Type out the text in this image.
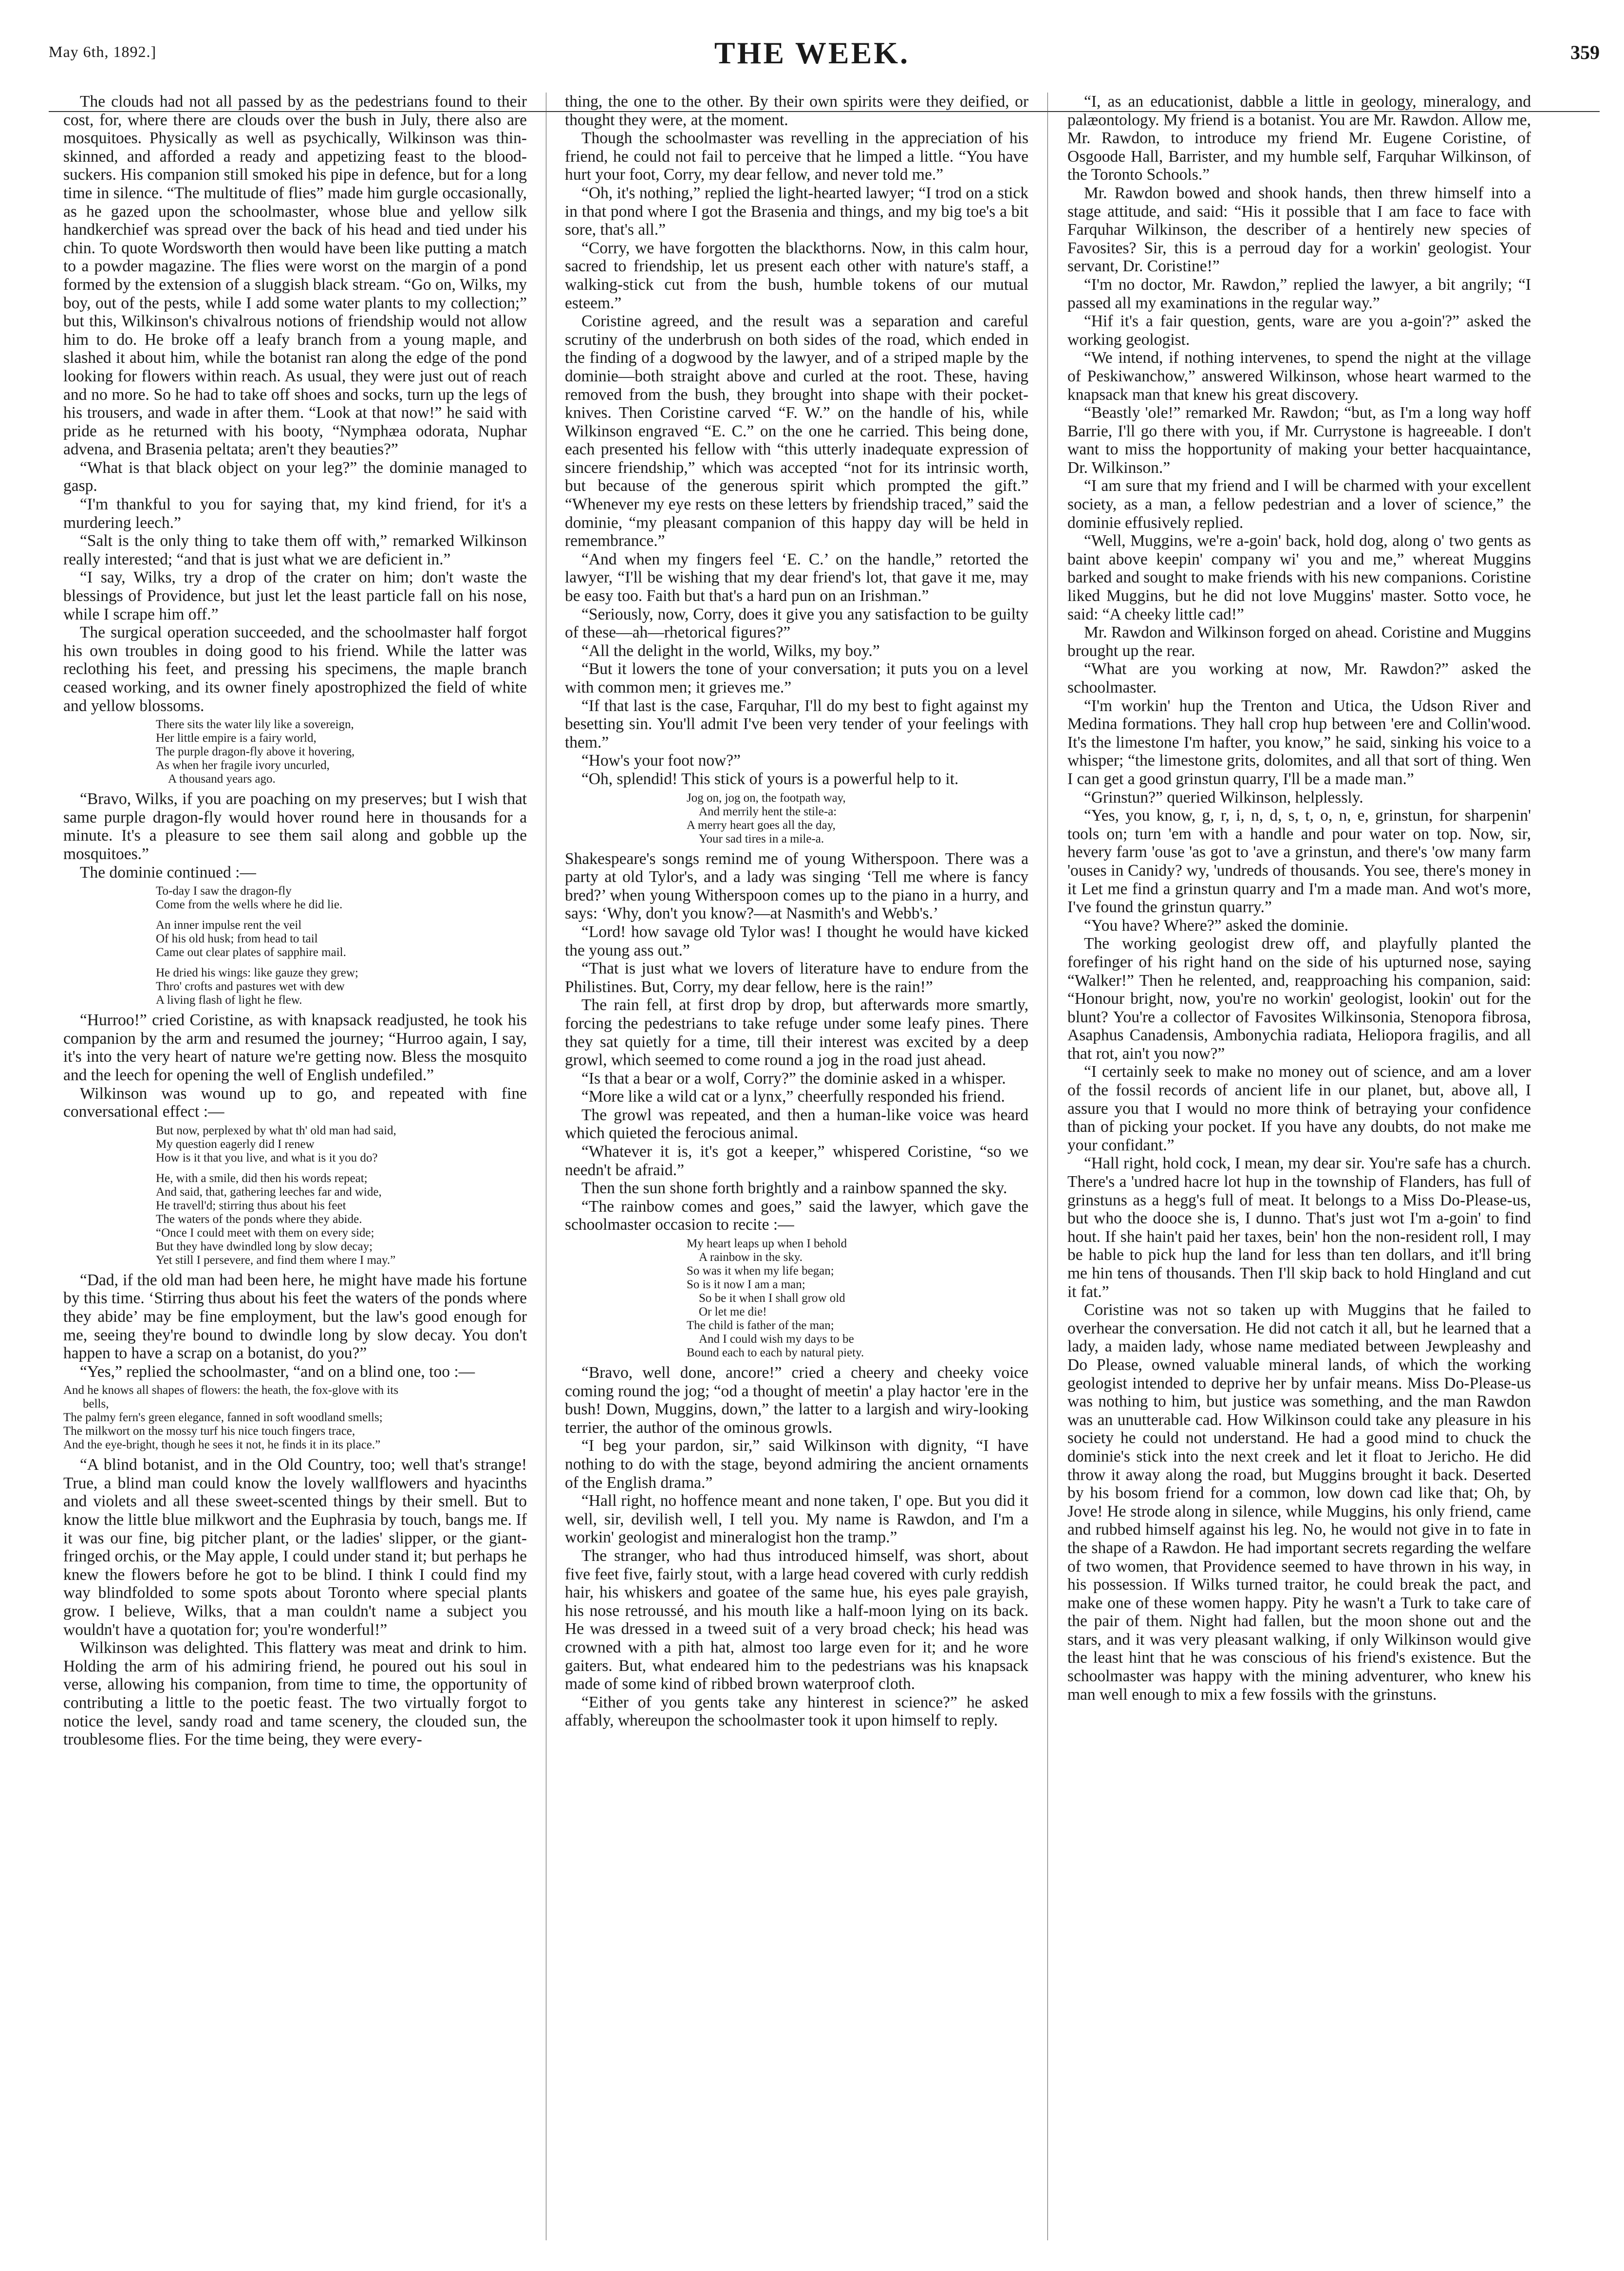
May 6th, 1892.]	THE WEEK.	359

The clouds had not all passed by as the pedestrians found to their cost, for, where there are clouds over the bush in July, there also are mosquitoes. Physically as well as psychically, Wilkinson was thin-skinned, and afforded a ready and appetizing feast to the blood-suckers. His companion still smoked his pipe in defence, but for a long time in silence. “The multitude of flies” made him gurgle occasionally, as he gazed upon the schoolmaster, whose blue and yellow silk handkerchief was spread over the back of his head and tied under his chin. To quote Wordsworth then would have been like putting a match to a powder magazine. The flies were worst on the margin of a pond formed by the extension of a sluggish black stream. “Go on, Wilks, my boy, out of the pests, while I add some water plants to my collection;” but this, Wilkinson's chivalrous notions of friendship would not allow him to do. He broke off a leafy branch from a young maple, and slashed it about him, while the botanist ran along the edge of the pond looking for flowers within reach. As usual, they were just out of reach and no more. So he had to take off shoes and socks, turn up the legs of his trousers, and wade in after them. “Look at that now!” he said with pride as he returned with his booty, “Nymphæa odorata, Nuphar advena, and Brasenia peltata; aren't they beauties?”

“What is that black object on your leg?” the dominie managed to gasp.

“I'm thankful to you for saying that, my kind friend, for it's a murdering leech.”

“Salt is the only thing to take them off with,” remarked Wilkinson really interested; “and that is just what we are deficient in.”

“I say, Wilks, try a drop of the crater on him; don't waste the blessings of Providence, but just let the least particle fall on his nose, while I scrape him off.”

The surgical operation succeeded, and the schoolmaster half forgot his own troubles in doing good to his friend. While the latter was reclothing his feet, and pressing his specimens, the maple branch ceased working, and its owner finely apostrophized the field of white and yellow blossoms.

There sits the water lily like a sovereign,
Her little empire is a fairy world,
The purple dragon-fly above it hovering,
As when her fragile ivory uncurled,
A thousand years ago.

“Bravo, Wilks, if you are poaching on my preserves; but I wish that same purple dragon-fly would hover round here in thousands for a minute. It's a pleasure to see them sail along and gobble up the mosquitoes.”

The dominie continued :—

To-day I saw the dragon-fly
Come from the wells where he did lie.
An inner impulse rent the veil
Of his old husk; from head to tail
Came out clear plates of sapphire mail.
He dried his wings: like gauze they grew;
Thro' crofts and pastures wet with dew
A living flash of light he flew.

“Hurroo!” cried Coristine, as with knapsack readjusted, he took his companion by the arm and resumed the journey; “Hurroo again, I say, it's into the very heart of nature we're getting now. Bless the mosquito and the leech for opening the well of English undefiled.”

Wilkinson was wound up to go, and repeated with fine conversational effect :—

But now, perplexed by what th' old man had said,
My question eagerly did I renew
How is it that you live, and what is it you do?
He, with a smile, did then his words repeat;
And said, that, gathering leeches far and wide,
He travell'd; stirring thus about his feet
The waters of the ponds where they abide.
“Once I could meet with them on every side;
But they have dwindled long by slow decay;
Yet still I persevere, and find them where I may.”

“Dad, if the old man had been here, he might have made his fortune by this time. ‘Stirring thus about his feet the waters of the ponds where they abide’ may be fine employment, but the law's good enough for me, seeing they're bound to dwindle long by slow decay. You don't happen to have a scrap on a botanist, do you?”

“Yes,” replied the schoolmaster, “and on a blind one, too :—

And he knows all shapes of flowers: the heath, the fox-glove with its
bells,
The palmy fern's green elegance, fanned in soft woodland smells;
The milkwort on the mossy turf his nice touch fingers trace,
And the eye-bright, though he sees it not, he finds it in its place.”

“A blind botanist, and in the Old Country, too; well that's strange! True, a blind man could know the lovely wallflowers and hyacinths and violets and all these sweet-scented things by their smell. But to know the little blue milkwort and the Euphrasia by touch, bangs me. If it was our fine, big pitcher plant, or the ladies' slipper, or the giant-fringed orchis, or the May apple, I could under stand it; but perhaps he knew the flowers before he got to be blind. I think I could find my way blindfolded to some spots about Toronto where special plants grow. I believe, Wilks, that a man couldn't name a subject you wouldn't have a quotation for; you're wonderful!”

Wilkinson was delighted. This flattery was meat and drink to him. Holding the arm of his admiring friend, he poured out his soul in verse, allowing his companion, from time to time, the opportunity of contributing a little to the poetic feast. The two virtually forgot to notice the level, sandy road and tame scenery, the clouded sun, the troublesome flies. For the time being, they were every-

thing, the one to the other. By their own spirits were they deified, or thought they were, at the moment.

Though the schoolmaster was revelling in the appreciation of his friend, he could not fail to perceive that he limped a little. “You have hurt your foot, Corry, my dear fellow, and never told me.”

“Oh, it's nothing,” replied the light-hearted lawyer; “I trod on a stick in that pond where I got the Brasenia and things, and my big toe's a bit sore, that's all.”

“Corry, we have forgotten the blackthorns. Now, in this calm hour, sacred to friendship, let us present each other with nature's staff, a walking-stick cut from the bush, humble tokens of our mutual esteem.”

Coristine agreed, and the result was a separation and careful scrutiny of the underbrush on both sides of the road, which ended in the finding of a dogwood by the lawyer, and of a striped maple by the dominie—both straight above and curled at the root. These, having removed from the bush, they brought into shape with their pocket-knives. Then Coristine carved “F. W.” on the handle of his, while Wilkinson engraved “E. C.” on the one he carried. This being done, each presented his fellow with “this utterly inadequate expression of sincere friendship,” which was accepted “not for its intrinsic worth, but because of the generous spirit which prompted the gift.” “Whenever my eye rests on these letters by friendship traced,” said the dominie, “my pleasant companion of this happy day will be held in remembrance.”

“And when my fingers feel ‘E. C.’ on the handle,” retorted the lawyer, “I'll be wishing that my dear friend's lot, that gave it me, may be easy too. Faith but that's a hard pun on an Irishman.”

“Seriously, now, Corry, does it give you any satisfaction to be guilty of these—ah—rhetorical figures?”

“All the delight in the world, Wilks, my boy.”

“But it lowers the tone of your conversation; it puts you on a level with common men; it grieves me.”

“If that last is the case, Farquhar, I'll do my best to fight against my besetting sin. You'll admit I've been very tender of your feelings with them.”

“How's your foot now?”

“Oh, splendid! This stick of yours is a powerful help to it.

Jog on, jog on, the footpath way,
And merrily hent the stile-a:
A merry heart goes all the day,
Your sad tires in a mile-a.

Shakespeare's songs remind me of young Witherspoon. There was a party at old Tylor's, and a lady was singing ‘Tell me where is fancy bred?’ when young Witherspoon comes up to the piano in a hurry, and says: ‘Why, don't you know?—at Nasmith's and Webb's.’

“Lord! how savage old Tylor was! I thought he would have kicked the young ass out.”

“That is just what we lovers of literature have to endure from the Philistines. But, Corry, my dear fellow, here is the rain!”

The rain fell, at first drop by drop, but afterwards more smartly, forcing the pedestrians to take refuge under some leafy pines. There they sat quietly for a time, till their interest was excited by a deep growl, which seemed to come round a jog in the road just ahead.

“Is that a bear or a wolf, Corry?” the dominie asked in a whisper.

“More like a wild cat or a lynx,” cheerfully responded his friend.

The growl was repeated, and then a human-like voice was heard which quieted the ferocious animal.

“Whatever it is, it's got a keeper,” whispered Coristine, “so we needn't be afraid.”

Then the sun shone forth brightly and a rainbow spanned the sky.

“The rainbow comes and goes,” said the lawyer, which gave the schoolmaster occasion to recite :—

My heart leaps up when I behold
A rainbow in the sky.
So was it when my life began;
So is it now I am a man;
So be it when I shall grow old
Or let me die!
The child is father of the man;
And I could wish my days to be
Bound each to each by natural piety.

“Bravo, well done, ancore!” cried a cheery and cheeky voice coming round the jog; “od a thought of meetin' a play hactor 'ere in the bush! Down, Muggins, down,” the latter to a largish and wiry-looking terrier, the author of the ominous growls.

“I beg your pardon, sir,” said Wilkinson with dignity, “I have nothing to do with the stage, beyond admiring the ancient ornaments of the English drama.”

“Hall right, no hoffence meant and none taken, I' ope. But you did it well, sir, devilish well, I tell you. My name is Rawdon, and I'm a workin' geologist and mineralogist hon the tramp.”

The stranger, who had thus introduced himself, was short, about five feet five, fairly stout, with a large head covered with curly reddish hair, his whiskers and goatee of the same hue, his eyes pale grayish, his nose retroussé, and his mouth like a half-moon lying on its back. He was dressed in a tweed suit of a very broad check; his head was crowned with a pith hat, almost too large even for it; and he wore gaiters. But, what endeared him to the pedestrians was his knapsack made of some kind of ribbed brown waterproof cloth.

“Either of you gents take any hinterest in science?” he asked affably, whereupon the schoolmaster took it upon himself to reply.

“I, as an educationist, dabble a little in geology, mineralogy, and palæontology. My friend is a botanist. You are Mr. Rawdon. Allow me, Mr. Rawdon, to introduce my friend Mr. Eugene Coristine, of Osgoode Hall, Barrister, and my humble self, Farquhar Wilkinson, of the Toronto Schools.”

Mr. Rawdon bowed and shook hands, then threw himself into a stage attitude, and said: “His it possible that I am face to face with Farquhar Wilkinson, the describer of a hentirely new species of Favosites? Sir, this is a perroud day for a workin' geologist. Your servant, Dr. Coristine!”

“I'm no doctor, Mr. Rawdon,” replied the lawyer, a bit angrily; “I passed all my examinations in the regular way.”

“Hif it's a fair question, gents, ware are you a-goin'?” asked the working geologist.

“We intend, if nothing intervenes, to spend the night at the village of Peskiwanchow,” answered Wilkinson, whose heart warmed to the knapsack man that knew his great discovery.

“Beastly 'ole!” remarked Mr. Rawdon; “but, as I'm a long way hoff Barrie, I'll go there with you, if Mr. Currystone is hagreeable. I don't want to miss the hopportunity of making your better hacquaintance, Dr. Wilkinson.”

“I am sure that my friend and I will be charmed with your excellent society, as a man, a fellow pedestrian and a lover of science,” the dominie effusively replied.

“Well, Muggins, we're a-goin' back, hold dog, along o' two gents as baint above keepin' company wi' you and me,” whereat Muggins barked and sought to make friends with his new companions. Coristine liked Muggins, but he did not love Muggins' master. Sotto voce, he said: “A cheeky little cad!”

Mr. Rawdon and Wilkinson forged on ahead. Coristine and Muggins brought up the rear.

“What are you working at now, Mr. Rawdon?” asked the schoolmaster.

“I'm workin' hup the Trenton and Utica, the Udson River and Medina formations. They hall crop hup between 'ere and Collin'wood. It's the limestone I'm hafter, you know,” he said, sinking his voice to a whisper; “the limestone grits, dolomites, and all that sort of thing. Wen I can get a good grinstun quarry, I'll be a made man.”

“Grinstun?” queried Wilkinson, helplessly.

“Yes, you know, g, r, i, n, d, s, t, o, n, e, grinstun, for sharpenin' tools on; turn 'em with a handle and pour water on top. Now, sir, hevery farm 'ouse 'as got to 'ave a grinstun, and there's 'ow many farm 'ouses in Canidy? wy, 'undreds of thousands. You see, there's money in it Let me find a grinstun quarry and I'm a made man. And wot's more, I've found the grinstun quarry.”

“You have? Where?” asked the dominie.

The working geologist drew off, and playfully planted the forefinger of his right hand on the side of his upturned nose, saying “Walker!” Then he relented, and, reapproaching his companion, said: “Honour bright, now, you're no workin' geologist, lookin' out for the blunt? You're a collector of Favosites Wilkinsonia, Stenopora fibrosa, Asaphus Canadensis, Ambonychia radiata, Heliopora fragilis, and all that rot, ain't you now?”

“I certainly seek to make no money out of science, and am a lover of the fossil records of ancient life in our planet, but, above all, I assure you that I would no more think of betraying your confidence than of picking your pocket. If you have any doubts, do not make me your confidant.”

“Hall right, hold cock, I mean, my dear sir. You're safe has a church. There's a 'undred hacre lot hup in the township of Flanders, has full of grinstuns as a hegg's full of meat. It belongs to a Miss Do-Please-us, but who the dooce she is, I dunno. That's just wot I'm a-goin' to find hout. If she hain't paid her taxes, bein' hon the non-resident roll, I may be hable to pick hup the land for less than ten dollars, and it'll bring me hin tens of thousands. Then I'll skip back to hold Hingland and cut it fat.”

Coristine was not so taken up with Muggins that he failed to overhear the conversation. He did not catch it all, but he learned that a lady, a maiden lady, whose name mediated between Jewpleashy and Do Please, owned valuable mineral lands, of which the working geologist intended to deprive her by unfair means. Miss Do-Please-us was nothing to him, but justice was something, and the man Rawdon was an unutterable cad. How Wilkinson could take any pleasure in his society he could not understand. He had a good mind to chuck the dominie's stick into the next creek and let it float to Jericho. He did throw it away along the road, but Muggins brought it back. Deserted by his bosom friend for a common, low down cad like that; Oh, by Jove! He strode along in silence, while Muggins, his only friend, came and rubbed himself against his leg. No, he would not give in to fate in the shape of a Rawdon. He had important secrets regarding the welfare of two women, that Providence seemed to have thrown in his way, in his possession. If Wilks turned traitor, he could break the pact, and make one of these women happy. Pity he wasn't a Turk to take care of the pair of them. Night had fallen, but the moon shone out and the stars, and it was very pleasant walking, if only Wilkinson would give the least hint that he was conscious of his friend's existence. But the schoolmaster was happy with the mining adventurer, who knew his man well enough to mix a few fossils with the grinstuns.
